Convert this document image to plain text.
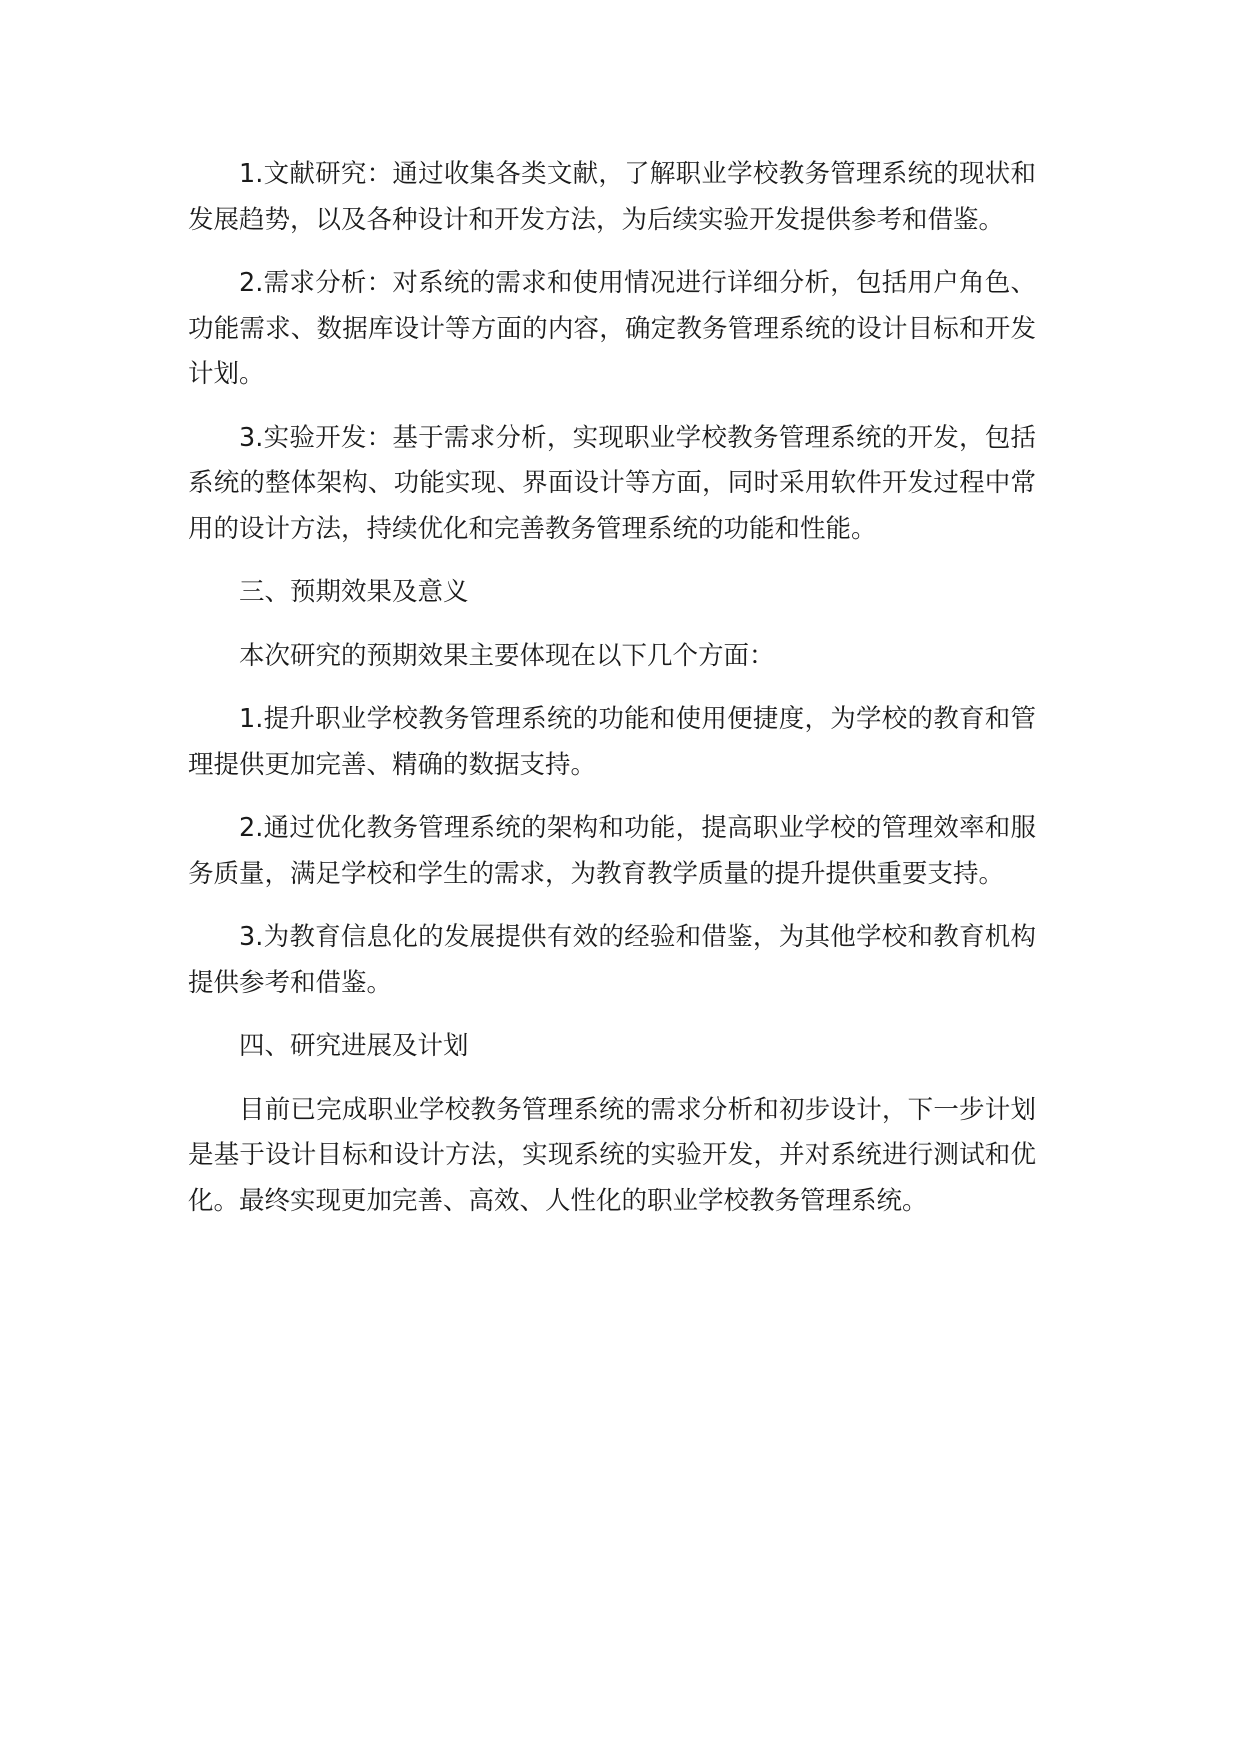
1.文献研究：通过收集各类文献，了解职业学校教务管理系统的现状和发展趋势，以及各种设计和开发方法，为后续实验开发提供参考和借鉴。

2.需求分析：对系统的需求和使用情况进行详细分析，包括用户角色、功能需求、数据库设计等方面的内容，确定教务管理系统的设计目标和开发计划。

3.实验开发：基于需求分析，实现职业学校教务管理系统的开发，包括系统的整体架构、功能实现、界面设计等方面，同时采用软件开发过程中常用的设计方法，持续优化和完善教务管理系统的功能和性能。

三、预期效果及意义

本次研究的预期效果主要体现在以下几个方面：

1.提升职业学校教务管理系统的功能和使用便捷度，为学校的教育和管理提供更加完善、精确的数据支持。

2.通过优化教务管理系统的架构和功能，提高职业学校的管理效率和服务质量，满足学校和学生的需求，为教育教学质量的提升提供重要支持。

3.为教育信息化的发展提供有效的经验和借鉴，为其他学校和教育机构提供参考和借鉴。

四、研究进展及计划

目前已完成职业学校教务管理系统的需求分析和初步设计，下一步计划是基于设计目标和设计方法，实现系统的实验开发，并对系统进行测试和优化。最终实现更加完善、高效、人性化的职业学校教务管理系统。
